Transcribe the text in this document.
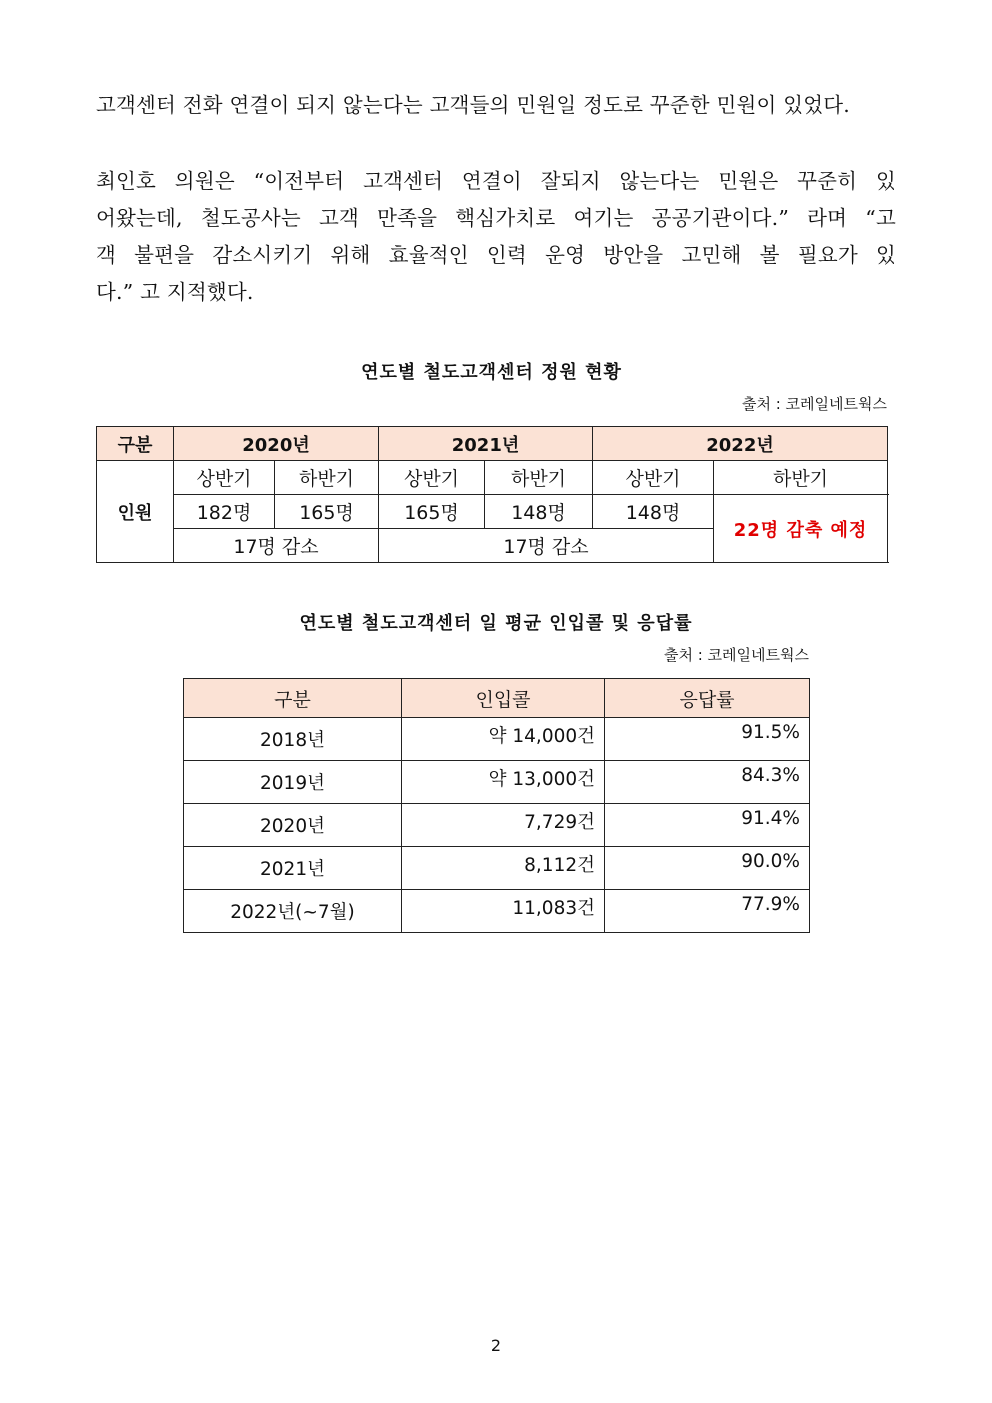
고객센터 전화 연결이 되지 않는다는 고객들의 민원일 정도로 꾸준한 민원이 있었다.
최인호 의원은 “이전부터 고객센터 연결이 잘되지 않는다는 민원은 꾸준히 있
어왔는데, 철도공사는 고객 만족을 핵심가치로 여기는 공공기관이다.” 라며 “고
객 불편을 감소시키기 위해 효율적인 인력 운영 방안을 고민해 볼 필요가 있
다.” 고 지적했다.
연도별 철도고객센터 정원 현황
출처 : 코레일네트웍스
구분	2020년		2021년		2022년	
인원	상반기	하반기	상반기	하반기	상반기	하반기
	182명	165명	165명	148명	148명	22명 감축 예정
	17명 감소		17명 감소			
연도별 철도고객센터 일 평균 인입콜 및 응답률
출처 : 코레일네트웍스
구분	인입콜	응답률
2018년	약 14,000건	91.5%
2019년	약 13,000건	84.3%
2020년	7,729건	91.4%
2021년	8,112건	90.0%
2022년(~7월)	11,083건	77.9%
2
